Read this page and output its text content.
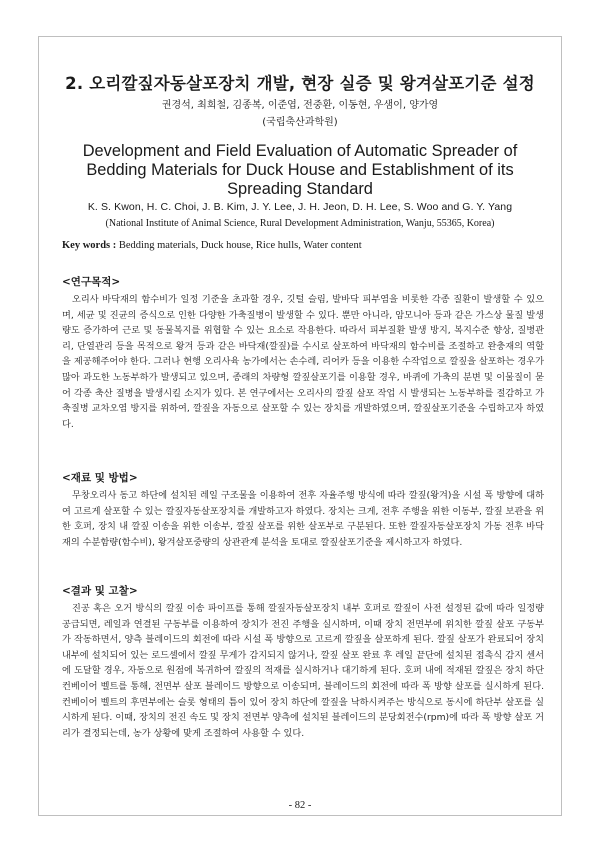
2. 오리깔짚자동살포장치 개발, 현장 실증 및 왕겨살포기준 설정
권경석, 최희철, 김종복, 이준엽, 전중환, 이동현, 우샘이, 양가영
(국립축산과학원)
Development and Field Evaluation of Automatic Spreader of Bedding Materials for Duck House and Establishment of its Spreading Standard
K. S. Kwon, H. C. Choi, J. B. Kim, J. Y. Lee, J. H. Jeon, D. H. Lee, S. Woo and G. Y. Yang
(National Institute of Animal Science, Rural Development Administration, Wanju, 55365, Korea)
Key words : Bedding materials, Duck house, Rice hulls, Water content
<연구목적>
오리사 바닥재의 함수비가 일정 기준을 초과할 경우, 깃털 슬림, 발바닥 피부염을 비롯한 각종 질환이 발생할 수 있으며, 세균 및 진균의 증식으로 인한 다양한 가축질병이 발생할 수 있다. 뿐만 아니라, 암모니아 등과 같은 가스상 물질 발생량도 증가하여 근로 및 동물복지를 위협할 수 있는 요소로 작용한다. 따라서 피부질환 발생 방지, 복지수준 향상, 질병관리, 단열관리 등을 목적으로 왕겨 등과 같은 바닥재(깔짚)를 수시로 살포하여 바닥재의 함수비를 조절하고 완충재의 역할을 제공해주어야 한다. 그러나 현행 오리사육 농가에서는 손수레, 리어카 등을 이용한 수작업으로 깔짚을 살포하는 경우가 많아 과도한 노동부하가 발생되고 있으며, 종래의 차량형 깔짚살포기를 이용할 경우, 바퀴에 가축의 분변 및 이물질이 묻어 각종 축산 질병을 발생시킬 소지가 있다. 본 연구에서는 오리사의 깔짚 살포 작업 시 발생되는 노동부하를 절감하고 가축질병 교차오염 방지를 위하여, 깔짚을 자동으로 살포할 수 있는 장치를 개발하였으며, 깔짚살포기준을 수립하고자 하였다.
<재료 및 방법>
무창오리사 동고 하단에 설치된 레일 구조물을 이용하여 전후 자율주행 방식에 따라 깔짚(왕겨)을 시설 폭 방향에 대하여 고르게 살포할 수 있는 깔짚자동살포장치를 개발하고자 하였다. 장치는 크게, 전후 주행을 위한 이동부, 깔짚 보관을 위한 호퍼, 장치 내 깔짚 이송을 위한 이송부, 깔짚 살포를 위한 살포부로 구분된다. 또한 깔짚자동살포장치 가동 전후 바닥재의 수분함량(함수비), 왕겨살포중량의 상관관계 분석을 토대로 깔짚살포기준을 제시하고자 하였다.
<결과 및 고찰>
진공 혹은 오거 방식의 깔짚 이송 파이프를 통해 깔짚자동살포장치 내부 호퍼로 깔짚이 사전 설정된 값에 따라 일정량 공급되면, 레일과 연결된 구동부를 이용하여 장치가 전진 주행을 실시하며, 이때 장치 전면부에 위치한 깔짚 살포 구동부가 작동하면서, 양측 블레이드의 회전에 따라 시설 폭 방향으로 고르게 깔짚을 살포하게 된다. 깔짚 살포가 완료되어 장치 내부에 설치되어 있는 로드셀에서 깔짚 무게가 감지되지 않거나, 깔짚 살포 완료 후 레일 끝단에 설치된 접촉식 감지 센서에 도달할 경우, 자동으로 원점에 복귀하여 깔짚의 적재를 실시하거나 대기하게 된다. 호퍼 내에 적재된 깔짚은 장치 하단 컨베이어 벨트를 통해, 전면부 살포 블레이드 방향으로 이송되며, 블레이드의 회전에 따라 폭 방향 살포를 실시하게 된다. 컨베이어 벨트의 후면부에는 슬롯 형태의 틈이 있어 장치 하단에 깔짚을 낙하시켜주는 방식으로 동시에 하단부 살포를 실시하게 된다. 이때, 장치의 전진 속도 및 장치 전면부 양측에 설치된 블레이드의 분당회전수(rpm)에 따라 폭 방향 살포 거리가 결정되는데, 농가 상황에 맞게 조절하여 사용할 수 있다.
- 82 -
